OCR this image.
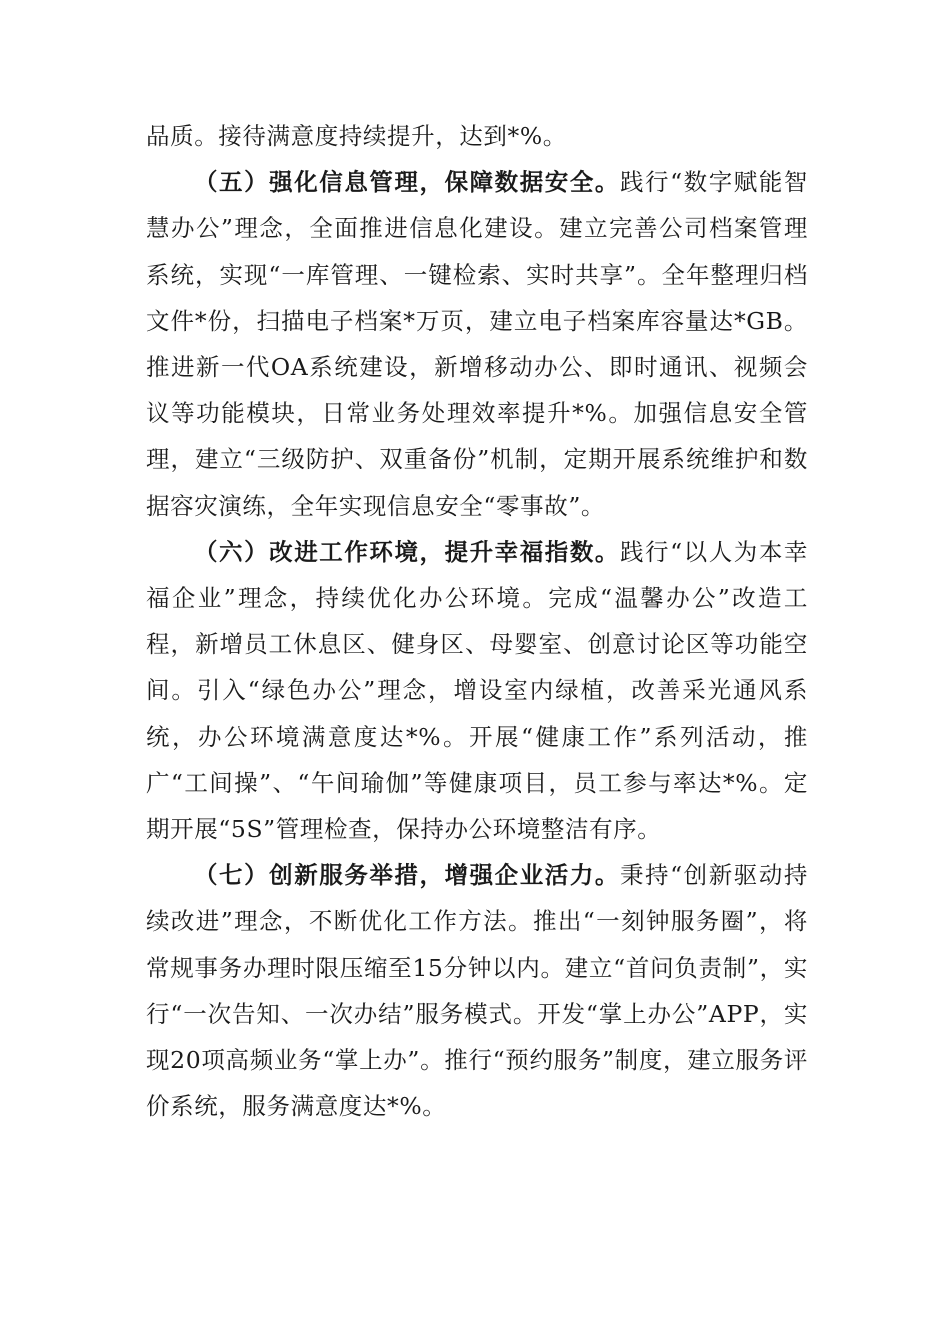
品质。接待满意度持续提升，达到*%。

（五）强化信息管理，保障数据安全。践行“数字赋能智慧办公”理念，全面推进信息化建设。建立完善公司档案管理系统，实现“一库管理、一键检索、实时共享”。全年整理归档文件*份，扫描电子档案*万页，建立电子档案库容量达*GB。推进新一代OA系统建设，新增移动办公、即时通讯、视频会议等功能模块，日常业务处理效率提升*%。加强信息安全管理，建立“三级防护、双重备份”机制，定期开展系统维护和数据容灾演练，全年实现信息安全“零事故”。

（六）改进工作环境，提升幸福指数。践行“以人为本幸福企业”理念，持续优化办公环境。完成“温馨办公”改造工程，新增员工休息区、健身区、母婴室、创意讨论区等功能空间。引入“绿色办公”理念，增设室内绿植，改善采光通风系统，办公环境满意度达*%。开展“健康工作”系列活动，推广“工间操”、“午间瑜伽”等健康项目，员工参与率达*%。定期开展“5S”管理检查，保持办公环境整洁有序。

（七）创新服务举措，增强企业活力。秉持“创新驱动持续改进”理念，不断优化工作方法。推出“一刻钟服务圈”，将常规事务办理时限压缩至15分钟以内。建立“首问负责制”，实行“一次告知、一次办结”服务模式。开发“掌上办公”APP，实现20项高频业务“掌上办”。推行“预约服务”制度，建立服务评价系统，服务满意度达*%。
